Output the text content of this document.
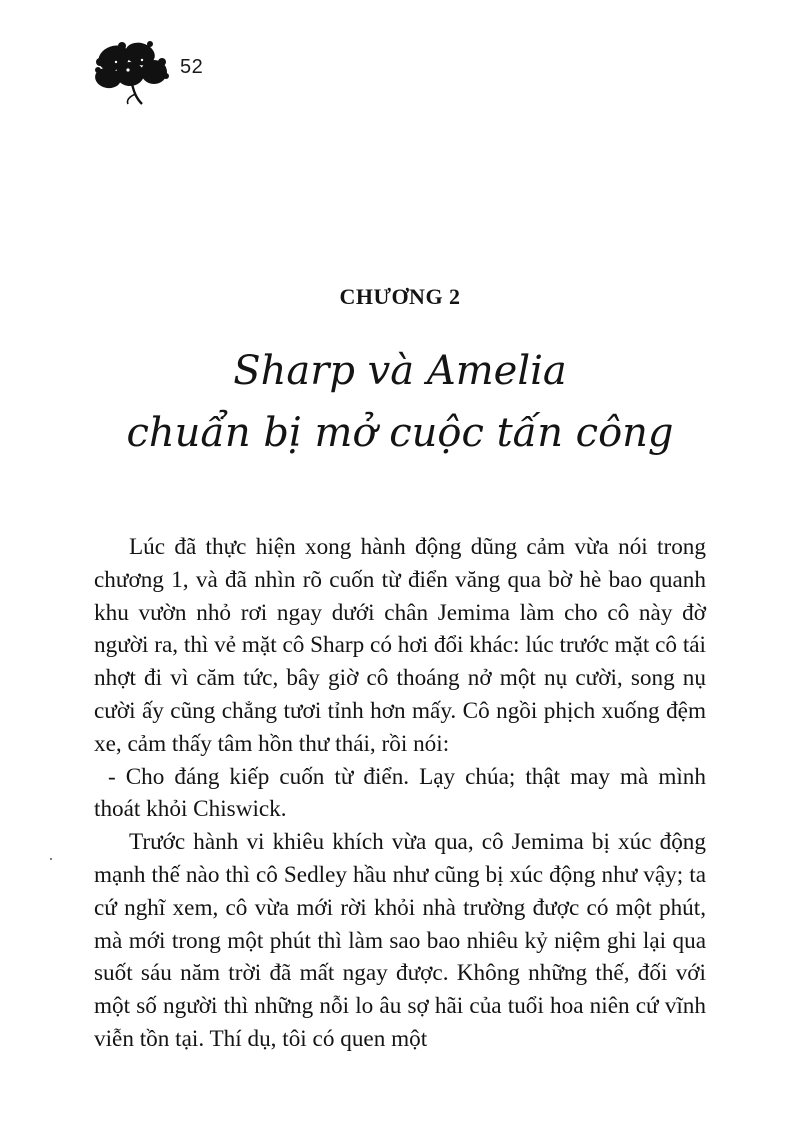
52
CHƯƠNG 2
Sharp và Amelia
chuẩn bị mở cuộc tấn công

Lúc đã thực hiện xong hành động dũng cảm vừa nói trong chương 1, và đã nhìn rõ cuốn từ điển văng qua bờ hè bao quanh khu vườn nhỏ rơi ngay dưới chân Jemima làm cho cô này đờ người ra, thì vẻ mặt cô Sharp có hơi đổi khác: lúc trước mặt cô tái nhợt đi vì căm tức, bây giờ cô thoáng nở một nụ cười, song nụ cười ấy cũng chẳng tươi tỉnh hơn mấy. Cô ngồi phịch xuống đệm xe, cảm thấy tâm hồn thư thái, rồi nói:

- Cho đáng kiếp cuốn từ điển. Lạy chúa; thật may mà mình thoát khỏi Chiswick.

Trước hành vi khiêu khích vừa qua, cô Jemima bị xúc động mạnh thế nào thì cô Sedley hầu như cũng bị xúc động như vậy; ta cứ nghĩ xem, cô vừa mới rời khỏi nhà trường được có một phút, mà mới trong một phút thì làm sao bao nhiêu kỷ niệm ghi lại qua suốt sáu năm trời đã mất ngay được. Không những thế, đối với một số người thì những nỗi lo âu sợ hãi của tuổi hoa niên cứ vĩnh viễn tồn tại. Thí dụ, tôi có quen một
